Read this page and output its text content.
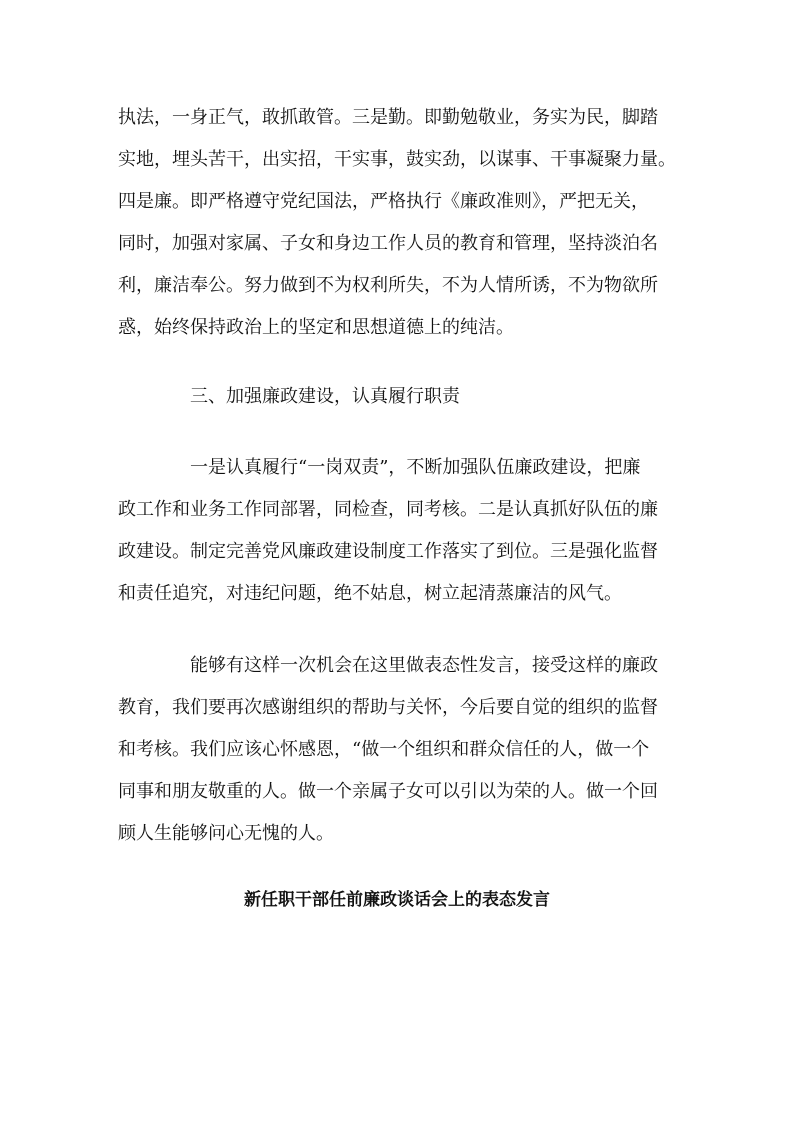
执法，一身正气，敢抓敢管。三是勤。即勤勉敬业，务实为民，脚踏
实地，埋头苦干，出实招，干实事，鼓实劲，以谋事、干事凝聚力量。
四是廉。即严格遵守党纪国法，严格执行《廉政准则》，严把无关，
同时，加强对家属、子女和身边工作人员的教育和管理，坚持淡泊名
利，廉洁奉公。努力做到不为权利所失，不为人情所诱，不为物欲所
惑，始终保持政治上的坚定和思想道德上的纯洁。
三、加强廉政建设，认真履行职责
一是认真履行“一岗双责”，不断加强队伍廉政建设，把廉
政工作和业务工作同部署，同检查，同考核。二是认真抓好队伍的廉
政建设。制定完善党风廉政建设制度工作落实了到位。三是强化监督
和责任追究，对违纪问题，绝不姑息，树立起清蒸廉洁的风气。
能够有这样一次机会在这里做表态性发言，接受这样的廉政
教育，我们要再次感谢组织的帮助与关怀，今后要自觉的组织的监督
和考核。我们应该心怀感恩，“做一个组织和群众信任的人，做一个
同事和朋友敬重的人。做一个亲属子女可以引以为荣的人。做一个回
顾人生能够问心无愧的人。
新任职干部任前廉政谈话会上的表态发言
